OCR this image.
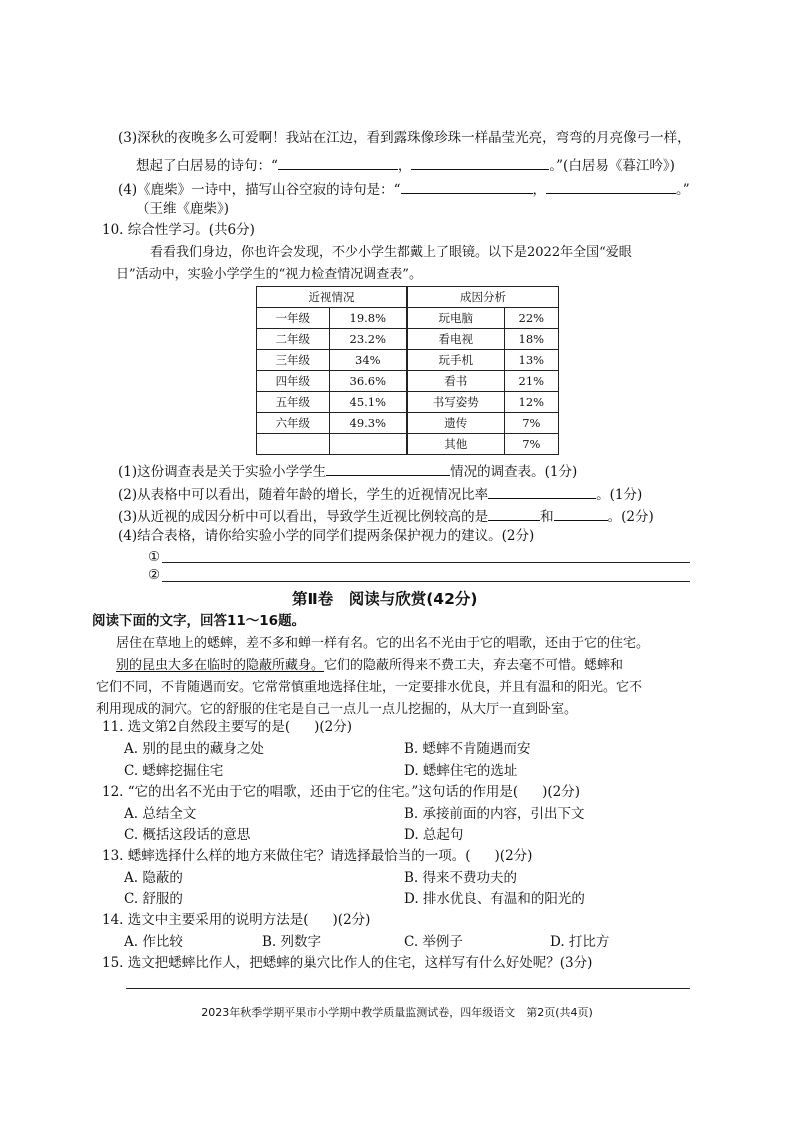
(3)深秋的夜晚多么可爱啊！我站在江边，看到露珠像珍珠一样晶莹光亮，弯弯的月亮像弓一样，
想起了白居易的诗句：“	，	。”(白居易《暮江吟》)
(4)《鹿柴》一诗中，描写山谷空寂的诗句是：“	，	。”
（王维《鹿柴》)
10. 综合性学习。(共6分)
看看我们身边，你也许会发现，不少小学生都戴上了眼镜。以下是2022年全国“爱眼
日”活动中，实验小学学生的“视力检查情况调查表”。
近视情况		成因分析	
一年级	19.8%	玩电脑	22%
二年级	23.2%	看电视	18%
三年级	34%	玩手机	13%
四年级	36.6%	看书	21%
五年级	45.1%	书写姿势	12%
六年级	49.3%	遗传	7%
		其他	7%
(1)这份调查表是关于实验小学学生	情况的调查表。(1分)
(2)从表格中可以看出，随着年龄的增长，学生的近视情况比率	。(1分)
(3)从近视的成因分析中可以看出，导致学生近视比例较高的是	和	。(2分)
(4)结合表格，请你给实验小学的同学们提两条保护视力的建议。(2分)
①
②
第Ⅱ卷　阅读与欣赏(42分)
阅读下面的文字，回答11～16题。
居住在草地上的蟋蟀，差不多和蝉一样有名。它的出名不光由于它的唱歌，还由于它的住宅。
别的昆虫大多在临时的隐蔽所藏身。它们的隐蔽所得来不费工夫，弃去毫不可惜。蟋蟀和
它们不同，不肯随遇而安。它常常慎重地选择住址，一定要排水优良，并且有温和的阳光。它不
利用现成的洞穴。它的舒服的住宅是自己一点儿一点儿挖掘的，从大厅一直到卧室。
11. 选文第2自然段主要写的是( )(2分)
A. 别的昆虫的藏身之处	B. 蟋蟀不肯随遇而安
C. 蟋蟀挖掘住宅	D. 蟋蟀住宅的选址
12. “它的出名不光由于它的唱歌，还由于它的住宅。”这句话的作用是( )(2分)
A. 总结全文	B. 承接前面的内容，引出下文
C. 概括这段话的意思	D. 总起句
13. 蟋蟀选择什么样的地方来做住宅？请选择最恰当的一项。( )(2分)
A. 隐蔽的	B. 得来不费功夫的
C. 舒服的	D. 排水优良、有温和的阳光的
14. 选文中主要采用的说明方法是( )(2分)
A. 作比较	B. 列数字	C. 举例子	D. 打比方
15. 选文把蟋蟀比作人，把蟋蟀的巢穴比作人的住宅，这样写有什么好处呢？(3分)
2023年秋季学期平果市小学期中教学质量监测试卷，四年级语文　第2页(共4页)
